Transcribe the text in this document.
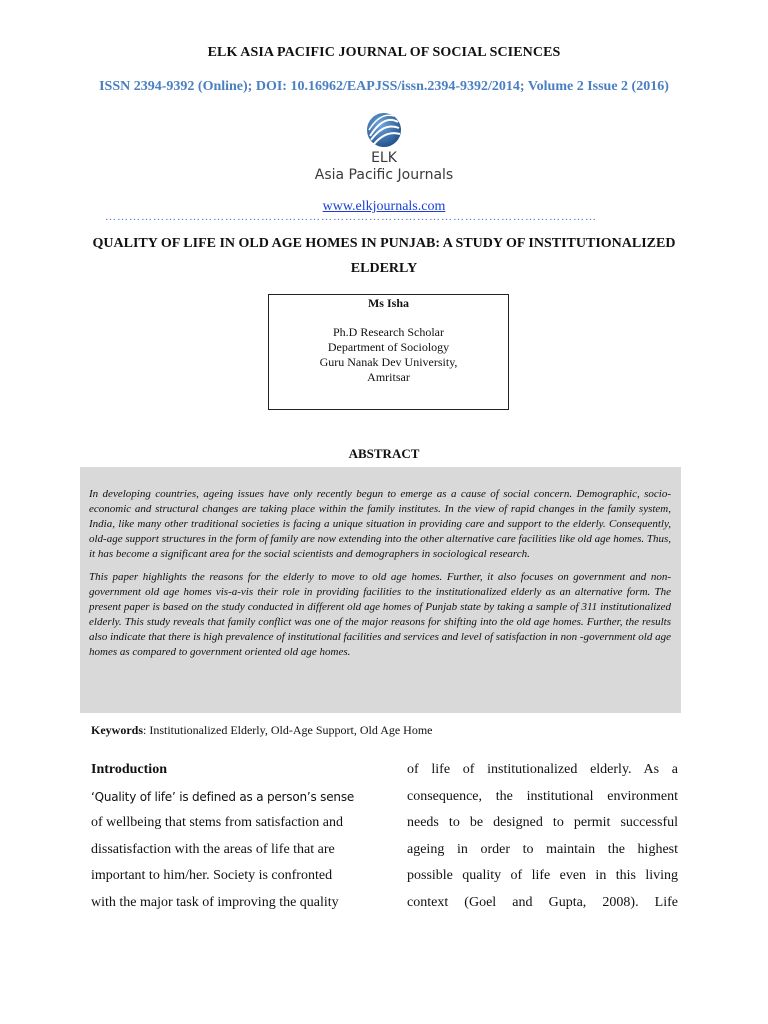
ELK ASIA PACIFIC JOURNAL OF SOCIAL SCIENCES
ISSN 2394-9392 (Online); DOI: 10.16962/EAPJSS/issn.2394-9392/2014; Volume 2 Issue 2 (2016)
ELK
Asia Pacific Journals
www.elkjournals.com
……………………………………………………………………………………………………………
QUALITY OF LIFE IN OLD AGE HOMES IN PUNJAB: A STUDY OF INSTITUTIONALIZED
ELDERLY
Ms Isha
Ph.D Research Scholar
Department of Sociology
Guru Nanak Dev University,
Amritsar
ABSTRACT

In developing countries, ageing issues have only recently begun to emerge as a cause of social concern. Demographic, socio-economic and structural changes are taking place within the family institutes. In the view of rapid changes in the family system, India, like many other traditional societies is facing a unique situation in providing care and support to the elderly. Consequently, old-age support structures in the form of family are now extending into the other alternative care facilities like old age homes. Thus, it has become a significant area for the social scientists and demographers in sociological research.

This paper highlights the reasons for the elderly to move to old age homes. Further, it also focuses on government and non-government old age homes vis-a-vis their role in providing facilities to the institutionalized elderly as an alternative form. The present paper is based on the study conducted in different old age homes of Punjab state by taking a sample of 311 institutionalized elderly. This study reveals that family conflict was one of the major reasons for shifting into the old age homes. Further, the results also indicate that there is high prevalence of institutional facilities and services and level of satisfaction in non -government old age homes as compared to government oriented old age homes.

Keywords: Institutionalized Elderly, Old-Age Support, Old Age Home
Introduction
‘Quality of life’ is defined as a person’s sense
of wellbeing that stems from satisfaction and
dissatisfaction with the areas of life that are
important to him/her. Society is confronted
with the major task of improving the quality
of life of institutionalized elderly. As a
consequence, the institutional environment
needs to be designed to permit successful
ageing in order to maintain the highest
possible quality of life even in this living
context (Goel and Gupta, 2008). Life
